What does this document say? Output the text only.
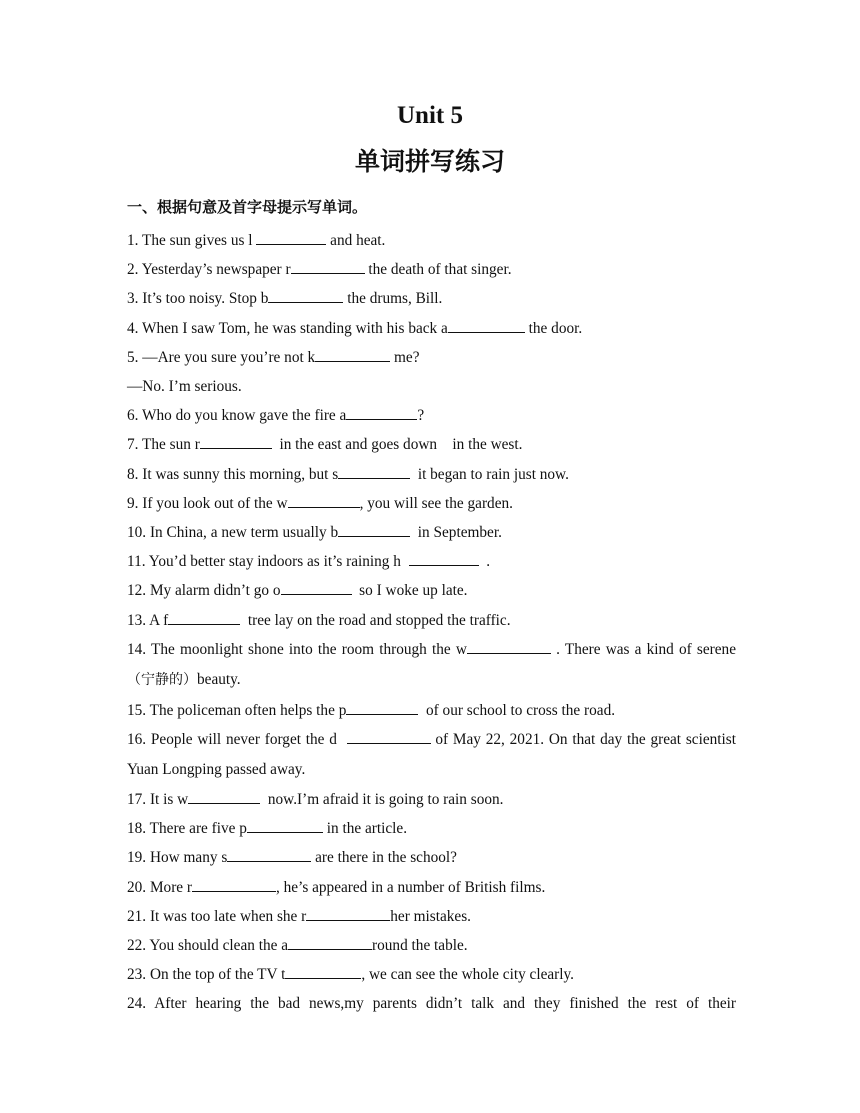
Unit 5
单词拼写练习
一、根据句意及首字母提示写单词。
1. The sun gives us l	and heat.
2. Yesterday’s newspaper r	the death of that singer.
3. It’s too noisy. Stop b	the drums, Bill.
4. When I saw Tom, he was standing with his back a	the door.
5. —Are you sure you’re not k	me?
—No. I’m serious.
6. Who do you know gave the fire a	?
7. The sun r	in the east and goes down    in the west.
8. It was sunny this morning, but s	it began to rain just now.
9. If you look out of the w	, you will see the garden.
10. In China, a new term usually b	in September.
11. You’d better stay indoors as it’s raining h	.
12. My alarm didn’t go o	so I woke up late.
13. A f	tree lay on the road and stopped the traffic.
14. The moonlight shone into the room through the w	. There was a kind of serene（宁静的）beauty.
15. The policeman often helps the p	of our school to cross the road.
16. People will never forget the d	of May 22, 2021. On that day the great scientist Yuan Longping passed away.
17. It is w	now.I’m afraid it is going to rain soon.
18. There are five p	in the article.
19. How many s	are there in the school?
20. More r	, he’s appeared in a number of British films.
21. It was too late when she r	her mistakes.
22. You should clean the a	round the table.
23. On the top of the TV t	, we can see the whole city clearly.
24. After hearing the bad news,my parents didn’t talk and they finished the rest of their
